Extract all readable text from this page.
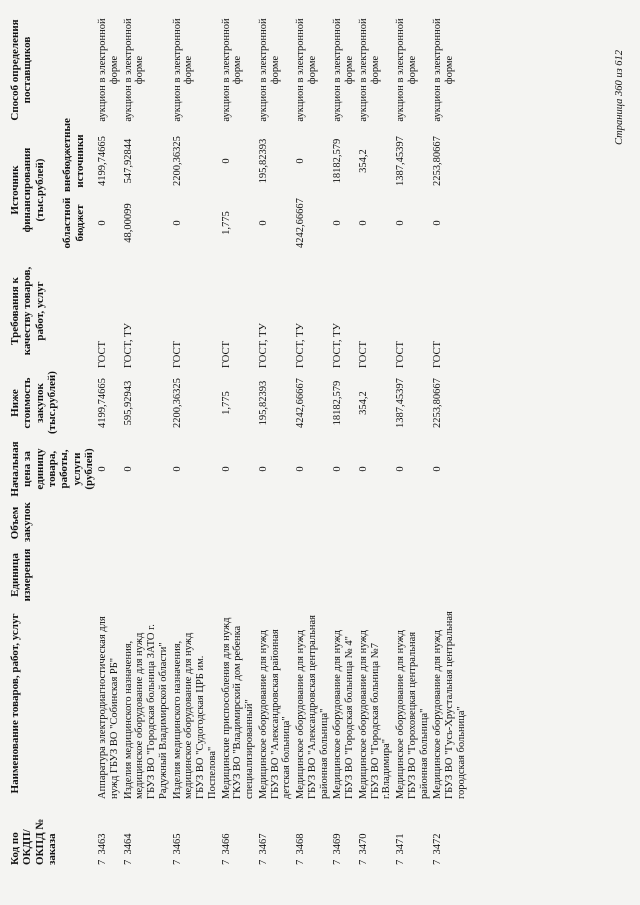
Код по ОКДП/ ОКПД № заказа	Наименование товаров, работ, услуг	Единица измерения	Объем закупок	Начальная цена за единицу товара, работы, услуги (рублей)	Ниже стоимость закупок (тыс.рублей)	Требования к качеству товаров, работ, услуг	Источник финансирования (тыс.рублей)		Способ определения поставщиков
							областной бюджет	внебюджетные источники	
7  3463	Аппаратура электродиагностическая для нужд ГБУЗ ВО "Собинская РБ"			0	4199,74665	ГОСТ	0	4199,74665	аукцион в электронной форме
7  3464	Изделия медицинского назначения, медицинское оборудование для нужд ГБУЗ ВО "Городская больница ЗАТО г. Радужный Владимирской области"			0	595,92943	ГОСТ, ТУ	48,00099	547,92844	аукцион в электронной форме
7  3465	Изделия медицинского назначения, медицинское оборудование для нужд ГБУЗ ВО "Судогодская ЦРБ им. Поспелова"			0	2200,36325	ГОСТ	0	2200,36325	аукцион в электронной форме
7  3466	Медицинские приспособления для нужд ГКУЗ ВО "Владимирский дом ребенка специализированный"			0	1,775	ГОСТ	1,775	0	аукцион в электронной форме
7  3467	Медицинское оборудование для нужд ГБУЗ ВО "Александровская районная детская больница"			0	195,82393	ГОСТ, ТУ	0	195,82393	аукцион в электронной форме
7  3468	Медицинское оборудование для нужд ГБУЗ ВО "Александровская центральная районная больница"			0	4242,66667	ГОСТ, ТУ	4242,66667	0	аукцион в электронной форме
7  3469	Медицинское оборудование для нужд ГБУЗ ВО "Городская больница № 4"			0	18182,579	ГОСТ, ТУ	0	18182,579	аукцион в электронной форме
7  3470	Медицинское оборудование для нужд ГБУЗ ВО "Городская больница №7 г.Владимира"			0	354,2	ГОСТ	0	354,2	аукцион в электронной форме
7  3471	Медицинское оборудование для нужд ГБУЗ ВО "Гороховецкая центральная районная больница"			0	1387,45397	ГОСТ	0	1387,45397	аукцион в электронной форме
7  3472	Медицинское оборудование для нужд ГБУЗ ВО "Гусь-Хрустальная центральная городская больница"			0	2253,80667	ГОСТ	0	2253,80667	аукцион в электронной форме	Страница 360 из 612
